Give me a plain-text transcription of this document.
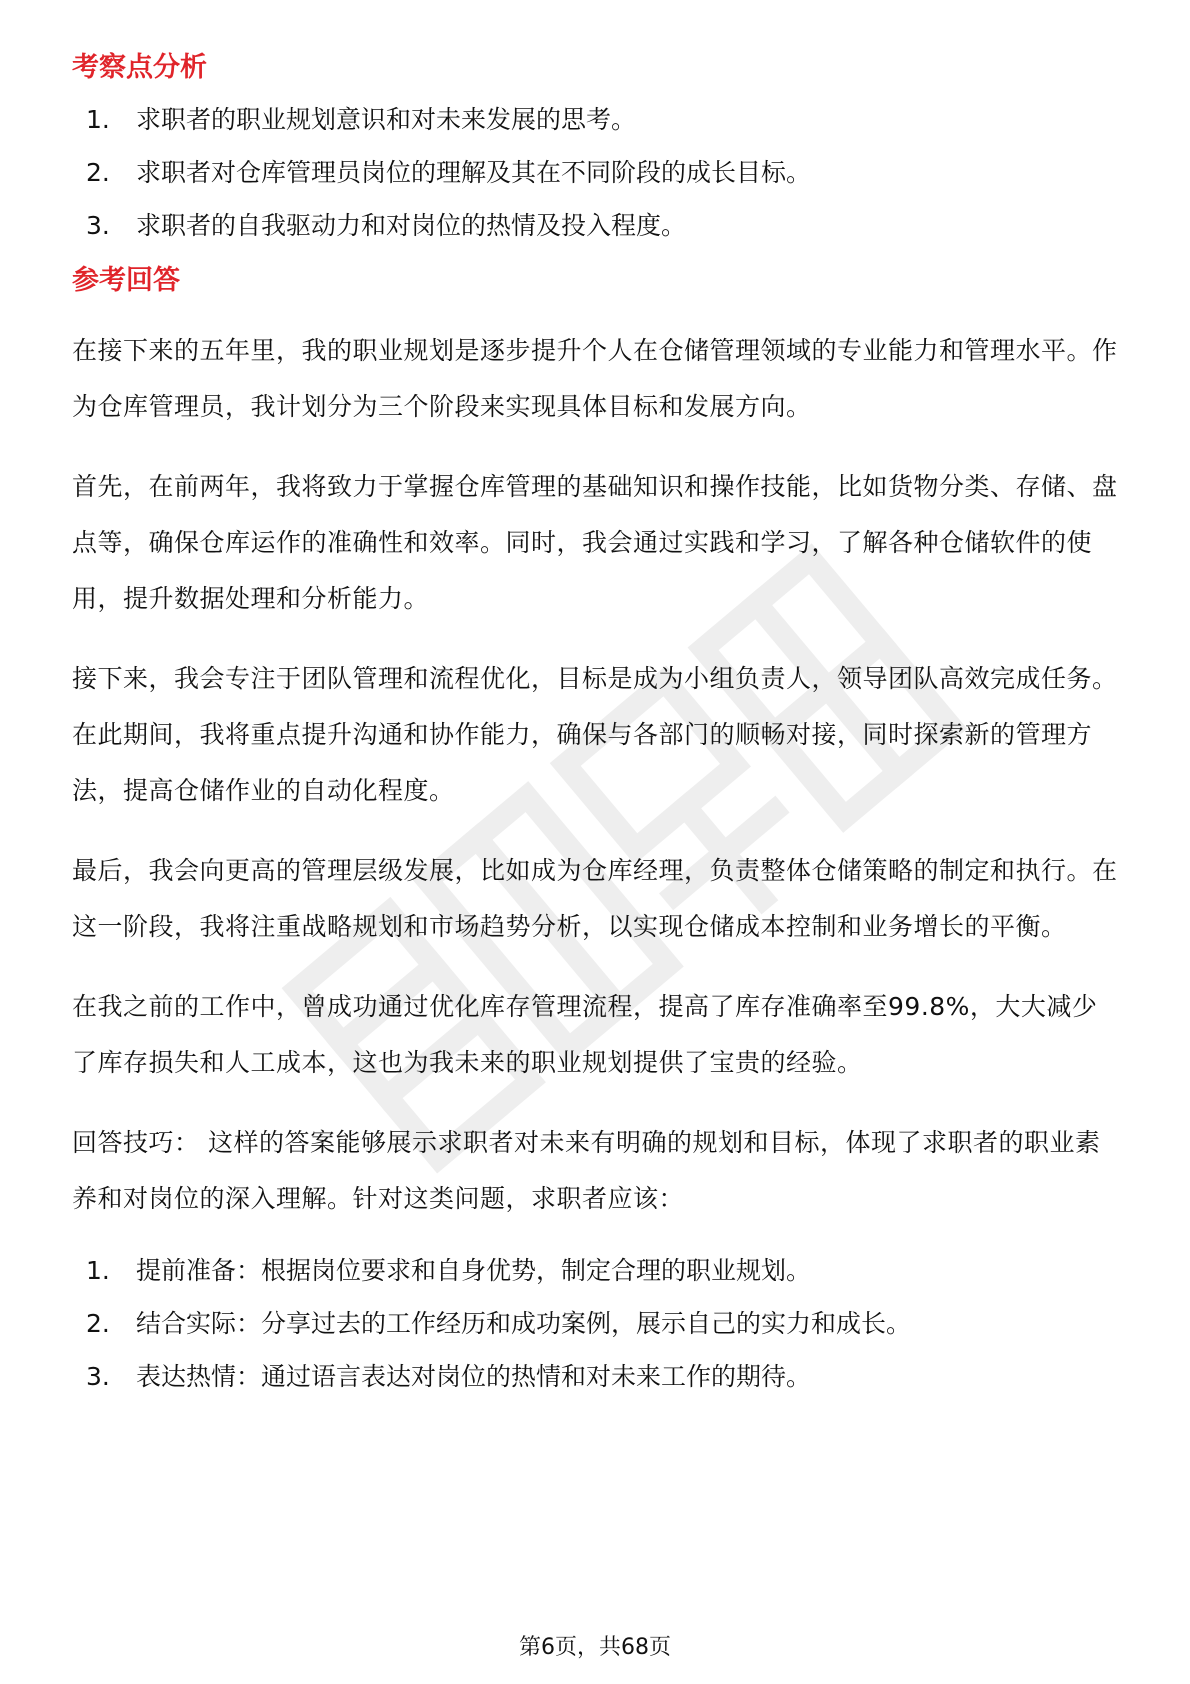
考察点分析
1.	求职者的职业规划意识和对未来发展的思考。
2.	求职者对仓库管理员岗位的理解及其在不同阶段的成长目标。
3.	求职者的自我驱动力和对岗位的热情及投入程度。
参考回答

在接下来的五年里，我的职业规划是逐步提升个人在仓储管理领域的专业能力和管理水平。作为仓库管理员，我计划分为三个阶段来实现具体目标和发展方向。

首先，在前两年，我将致力于掌握仓库管理的基础知识和操作技能，比如货物分类、存储、盘点等，确保仓库运作的准确性和效率。同时，我会通过实践和学习，了解各种仓储软件的使用，提升数据处理和分析能力。

接下来，我会专注于团队管理和流程优化，目标是成为小组负责人，领导团队高效完成任务。在此期间，我将重点提升沟通和协作能力，确保与各部门的顺畅对接，同时探索新的管理方法，提高仓储作业的自动化程度。

最后，我会向更高的管理层级发展，比如成为仓库经理，负责整体仓储策略的制定和执行。在这一阶段，我将注重战略规划和市场趋势分析，以实现仓储成本控制和业务增长的平衡。

在我之前的工作中，曾成功通过优化库存管理流程，提高了库存准确率至99.8%，大大减少了库存损失和人工成本，这也为我未来的职业规划提供了宝贵的经验。

回答技巧： 这样的答案能够展示求职者对未来有明确的规划和目标，体现了求职者的职业素养和对岗位的深入理解。针对这类问题，求职者应该：

1.	提前准备：根据岗位要求和自身优势，制定合理的职业规划。
2.	结合实际：分享过去的工作经历和成功案例，展示自己的实力和成长。
3.	表达热情：通过语言表达对岗位的热情和对未来工作的期待。
第6页，共68页
